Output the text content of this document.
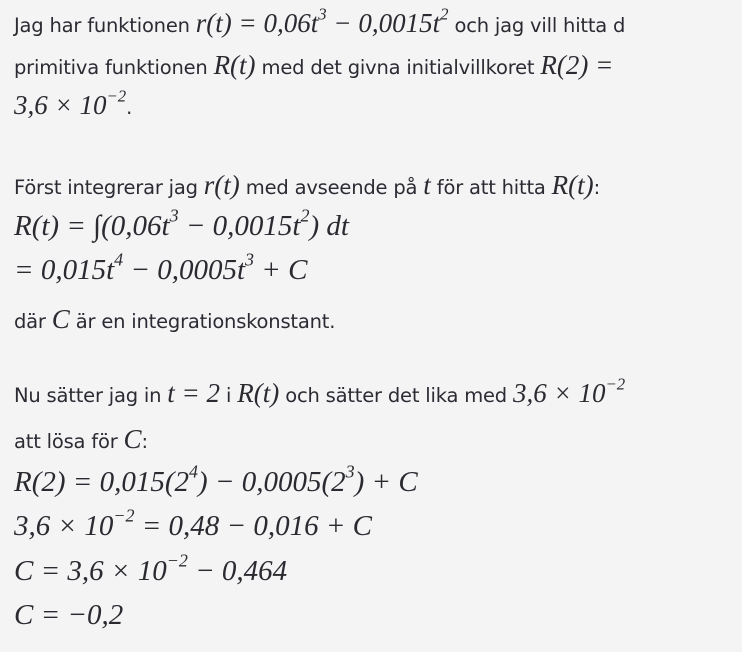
Jag har funktionen $r(t) = 0,06t^3 - 0,0015t^2$ och jag vill hitta d
primitiva funktionen R(t) med det givna initialvillkoret R(2) =
$3,6 \times 10^{-2}$.
Först integrerar jag r(t) med avseende på t för att hitta R(t):
$R(t) = \int(0,06t^3 - 0,0015t^2)$ dt
= $0,015t^4 - 0,0005t^3 + C$
där C är en integrationskonstant.
Nu sätter jag in t = 2 i R(t) och sätter det lika med $3,6 \times 10^{-2}$
att lösa för C:
$R(2) = 0,015(2^4) - 0,0005(2^3) + C$
$3,6 \times 10^{-2} = 0,48 - 0,016 + C$
$C = 3,6 \times 10^{-2} - 0,464$
C = −0,2
